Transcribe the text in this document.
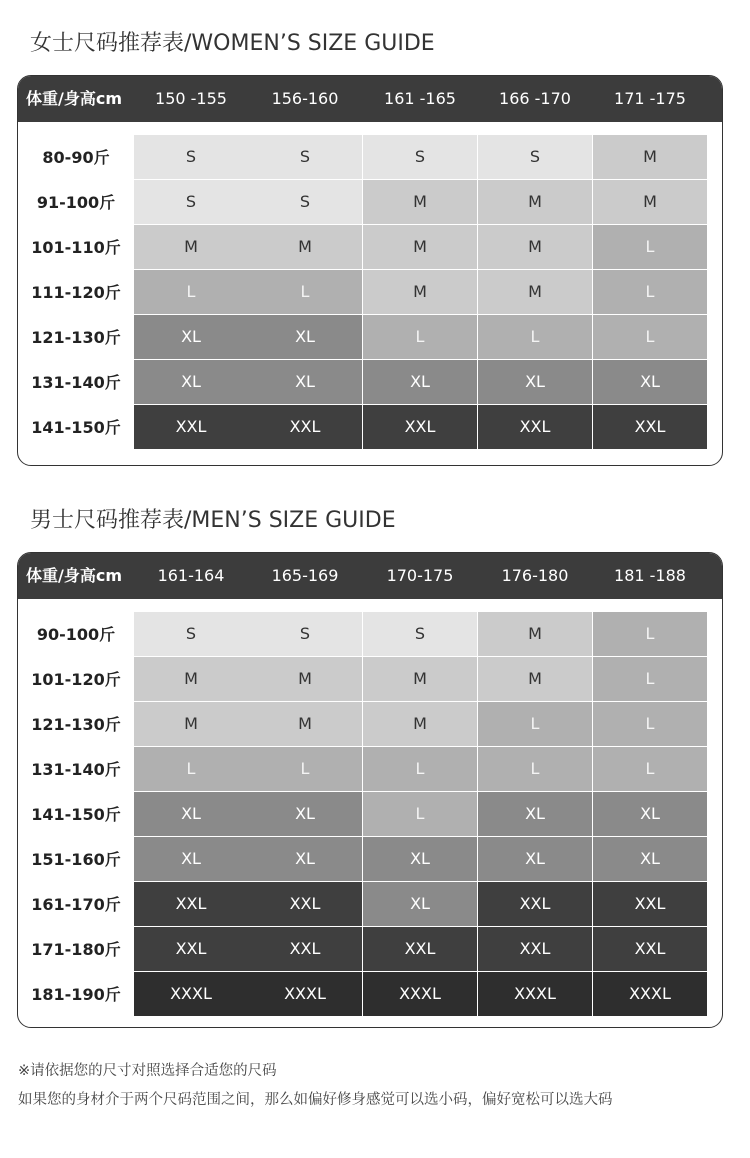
女士尺码推荐表/WOMEN’S SIZE GUIDE
体重/身高cm	150 -155	156-160	161 -165	166 -170	171 -175
80-90斤	S	S	S	S	M
91-100斤	S	S	M	M	M
101-110斤	M	M	M	M	L
111-120斤	L	L	M	M	L
121-130斤	XL	XL	L	L	L
131-140斤	XL	XL	XL	XL	XL
141-150斤	XXL	XXL	XXL	XXL	XXL
男士尺码推荐表/MEN’S SIZE GUIDE
体重/身高cm	161-164	165-169	170-175	176-180	181 -188
90-100斤	S	S	S	M	L
101-120斤	M	M	M	M	L
121-130斤	M	M	M	L	L
131-140斤	L	L	L	L	L
141-150斤	XL	XL	L	XL	XL
151-160斤	XL	XL	XL	XL	XL
161-170斤	XXL	XXL	XL	XXL	XXL
171-180斤	XXL	XXL	XXL	XXL	XXL
181-190斤	XXXL	XXXL	XXXL	XXXL	XXXL
※请依据您的尺寸对照选择合适您的尺码
如果您的身材介于两个尺码范围之间，那么如偏好修身感觉可以选小码，偏好宽松可以选大码
